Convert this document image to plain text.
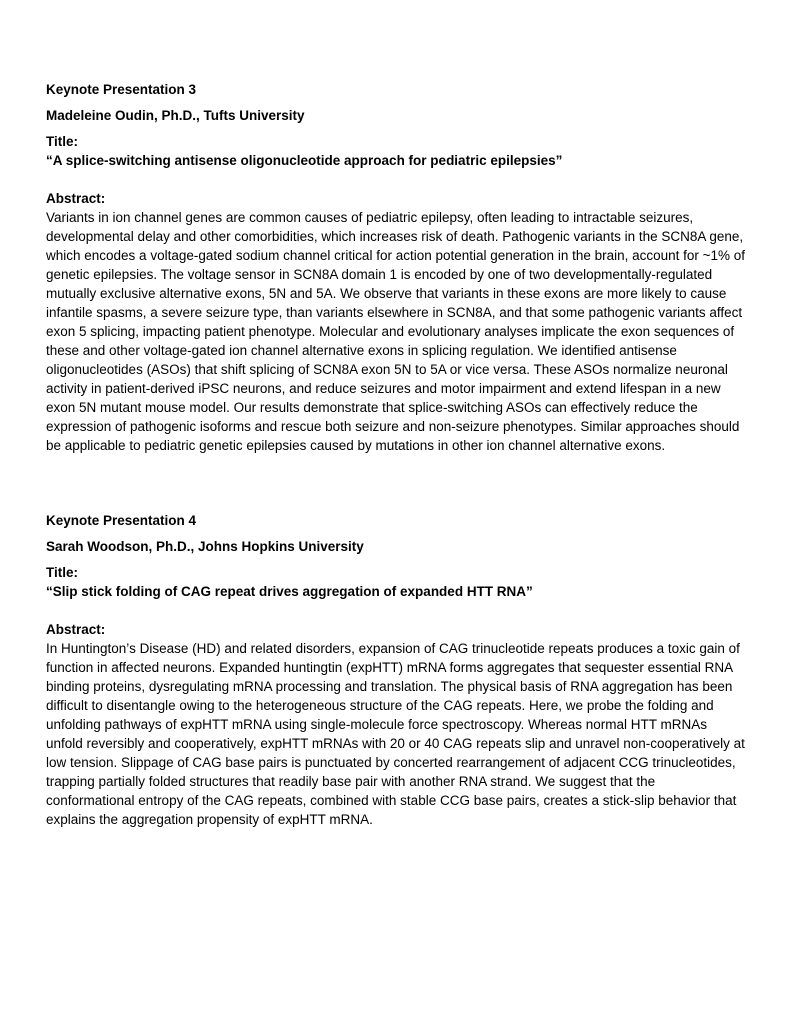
Keynote Presentation 3

Madeleine Oudin, Ph.D., Tufts University

Title:
“A splice-switching antisense oligonucleotide approach for pediatric epilepsies”
Abstract:
Variants in ion channel genes are common causes of pediatric epilepsy, often leading to intractable seizures, developmental delay and other comorbidities, which increases risk of death. Pathogenic variants in the SCN8A gene, which encodes a voltage-gated sodium channel critical for action potential generation in the brain, account for ~1% of genetic epilepsies. The voltage sensor in SCN8A domain 1 is encoded by one of two developmentally-regulated mutually exclusive alternative exons, 5N and 5A. We observe that variants in these exons are more likely to cause infantile spasms, a severe seizure type, than variants elsewhere in SCN8A, and that some pathogenic variants affect exon 5 splicing, impacting patient phenotype. Molecular and evolutionary analyses implicate the exon sequences of these and other voltage-gated ion channel alternative exons in splicing regulation. We identified antisense oligonucleotides (ASOs) that shift splicing of SCN8A exon 5N to 5A or vice versa. These ASOs normalize neuronal activity in patient-derived iPSC neurons, and reduce seizures and motor impairment and extend lifespan in a new exon 5N mutant mouse model. Our results demonstrate that splice-switching ASOs can effectively reduce the expression of pathogenic isoforms and rescue both seizure and non-seizure phenotypes. Similar approaches should be applicable to pediatric genetic epilepsies caused by mutations in other ion channel alternative exons.

Keynote Presentation 4

Sarah Woodson, Ph.D., Johns Hopkins University

Title:
“Slip stick folding of CAG repeat drives aggregation of expanded HTT RNA”
Abstract:
In Huntington’s Disease (HD) and related disorders, expansion of CAG trinucleotide repeats produces a toxic gain of function in affected neurons. Expanded huntingtin (expHTT) mRNA forms aggregates that sequester essential RNA binding proteins, dysregulating mRNA processing and translation. The physical basis of RNA aggregation has been difficult to disentangle owing to the heterogeneous structure of the CAG repeats. Here, we probe the folding and unfolding pathways of expHTT mRNA using single-molecule force spectroscopy. Whereas normal HTT mRNAs unfold reversibly and cooperatively, expHTT mRNAs with 20 or 40 CAG repeats slip and unravel non-cooperatively at low tension. Slippage of CAG base pairs is punctuated by concerted rearrangement of adjacent CCG trinucleotides, trapping partially folded structures that readily base pair with another RNA strand. We suggest that the conformational entropy of the CAG repeats, combined with stable CCG base pairs, creates a stick-slip behavior that explains the aggregation propensity of expHTT mRNA.
